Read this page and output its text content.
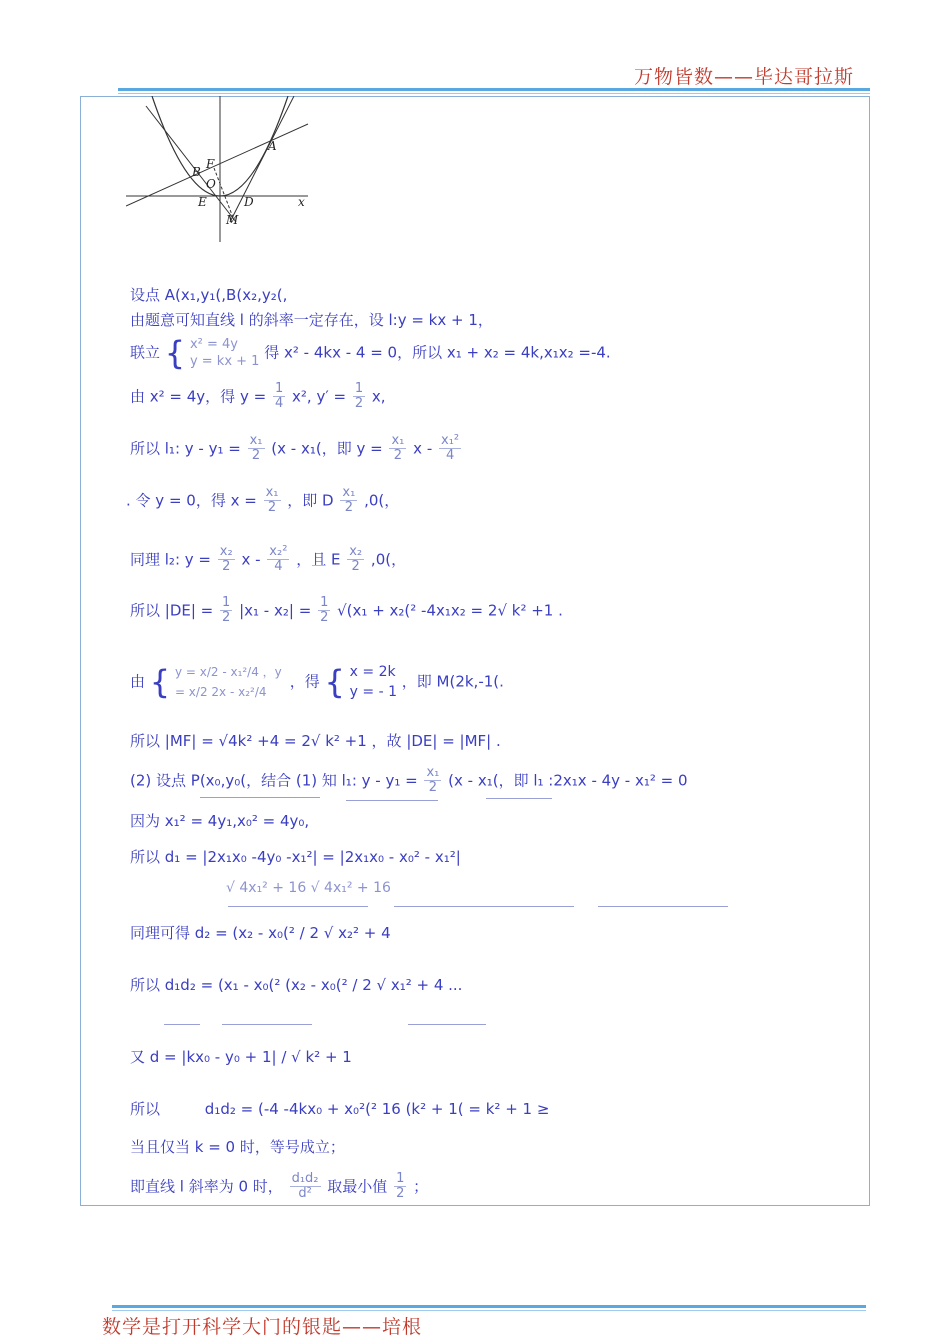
万物皆数——毕达哥拉斯
A
B
F
O
E	D
M
x
设点 A(x₁,y₁(,B(x₂,y₂(,
由题意可知直线 l 的斜率一定存在，设 l:y = kx + 1，
联立 { x² = 4y
y = kx + 1 得 x² - 4kx - 4 = 0，所以 x₁ + x₂ = 4k,x₁x₂ =-4.
由 x² = 4y，得 $y = \frac{1}{4} x^2$, $y' = \frac{1}{2} x$,
所以 l₁: $y - y_1 = \frac{\text{x₁}}{2} (x - x_1$(，即 $y = \frac{\text{x₁}}{2}$ x - $\frac{\text{x₁²}}{4}$
. 令 y = 0，得 $x = \frac{\text{x₁}}{2}$ ，即 D $\frac{\text{x₁}}{2} ,0$(，
同理 l₂: $y = \frac{\text{x₂}}{2}$ x - $\frac{\text{x₂²}}{4}$ ，且 E $\frac{\text{x₂}}{2} ,0$(，
所以 $|DE| = \frac{1}{2} |x_1 - x_2| = \frac{1}{2} √(x_1 + x_2(^2$ -4x₁x₂ = 2√ k² +1 .
由 { y = x/2 - x₁²/4 ，y = x/2 2x - x₂²/4 ，得 { x = 2k
y = - 1
，即 M(2k,-1(.
所以 |MF| = √4k² +4 = 2√ k² +1 ，故 |DE| = |MF| .
(2) 设点 P(x₀,y₀(，结合 (1) 知 l₁: $y - y_1 = \frac{\text{x₁}}{2} (x - x_1$(，即 l₁ :2x₁x - 4y - x₁² = 0
因为 x₁² = 4y₁,x₀² = 4y₀,
所以 d₁ = |2x₁x₀ -4y₀ -x₁²| = |2x₁x₀ - x₀² - x₁²|
√ 4x₁² + 16 √ 4x₁² + 16
同理可得 d₂ = (x₂ - x₀(² / 2 √ x₂² + 4
所以 d₁d₂ = (x₁ - x₀(² (x₂ - x₀(² / 2 √ x₁² + 4 ...
又 d = |kx₀ - y₀ + 1| / √ k² + 1
所以	d₁d₂ = (-4 -4kx₀ + x₀²(² 16 (k² + 1( = k² + 1 ≥
当且仅当 k = 0 时，等号成立；
即直线 l 斜率为 0 时， $\frac{\text{d₁d₂}}{\text{d²}}$ 取最小值 $\frac{1}{2}$ ；
数学是打开科学大门的银匙——培根
